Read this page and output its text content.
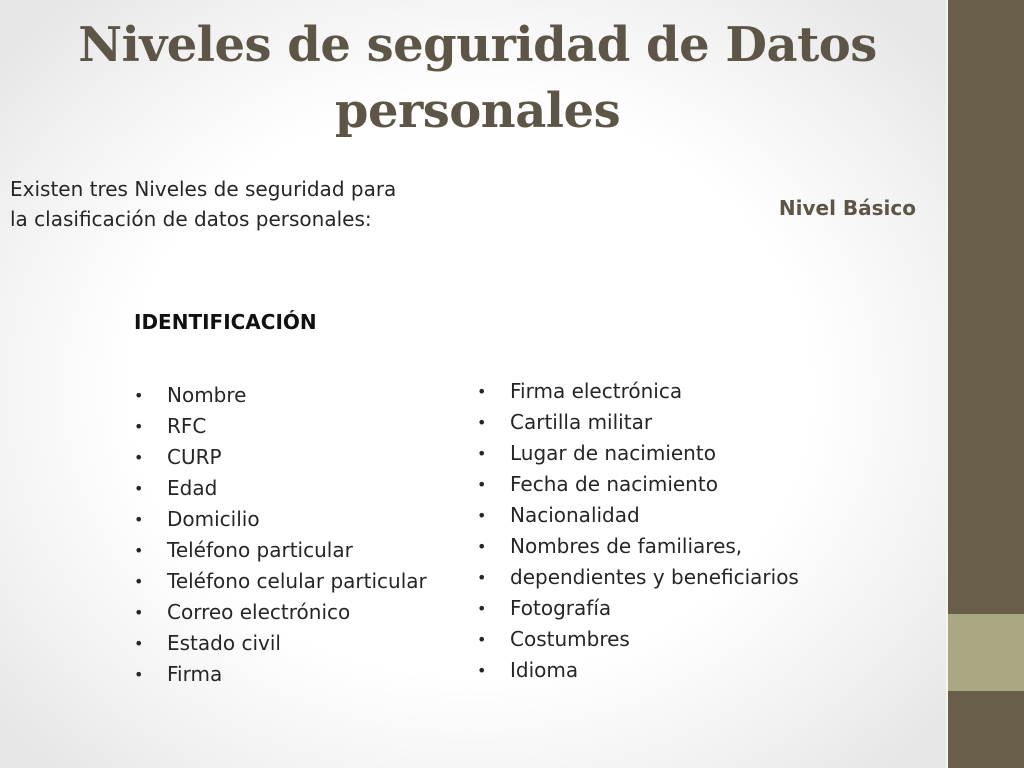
Niveles de seguridad de Datos personales

Existen tres Niveles de seguridad para la clasificación de datos personales:	Nivel Básico

IDENTIFICACIÓN

•	Nombre
•	RFC
•	CURP
•	Edad
•	Domicilio
•	Teléfono particular
•	Teléfono celular particular
•	Correo electrónico
•	Estado civil
•	Firma
•	Firma electrónica
•	Cartilla militar
•	Lugar de nacimiento
•	Fecha de nacimiento
•	Nacionalidad
•	Nombres de familiares,
•	dependientes y beneficiarios
•	Fotografía
•	Costumbres
•	Idioma
